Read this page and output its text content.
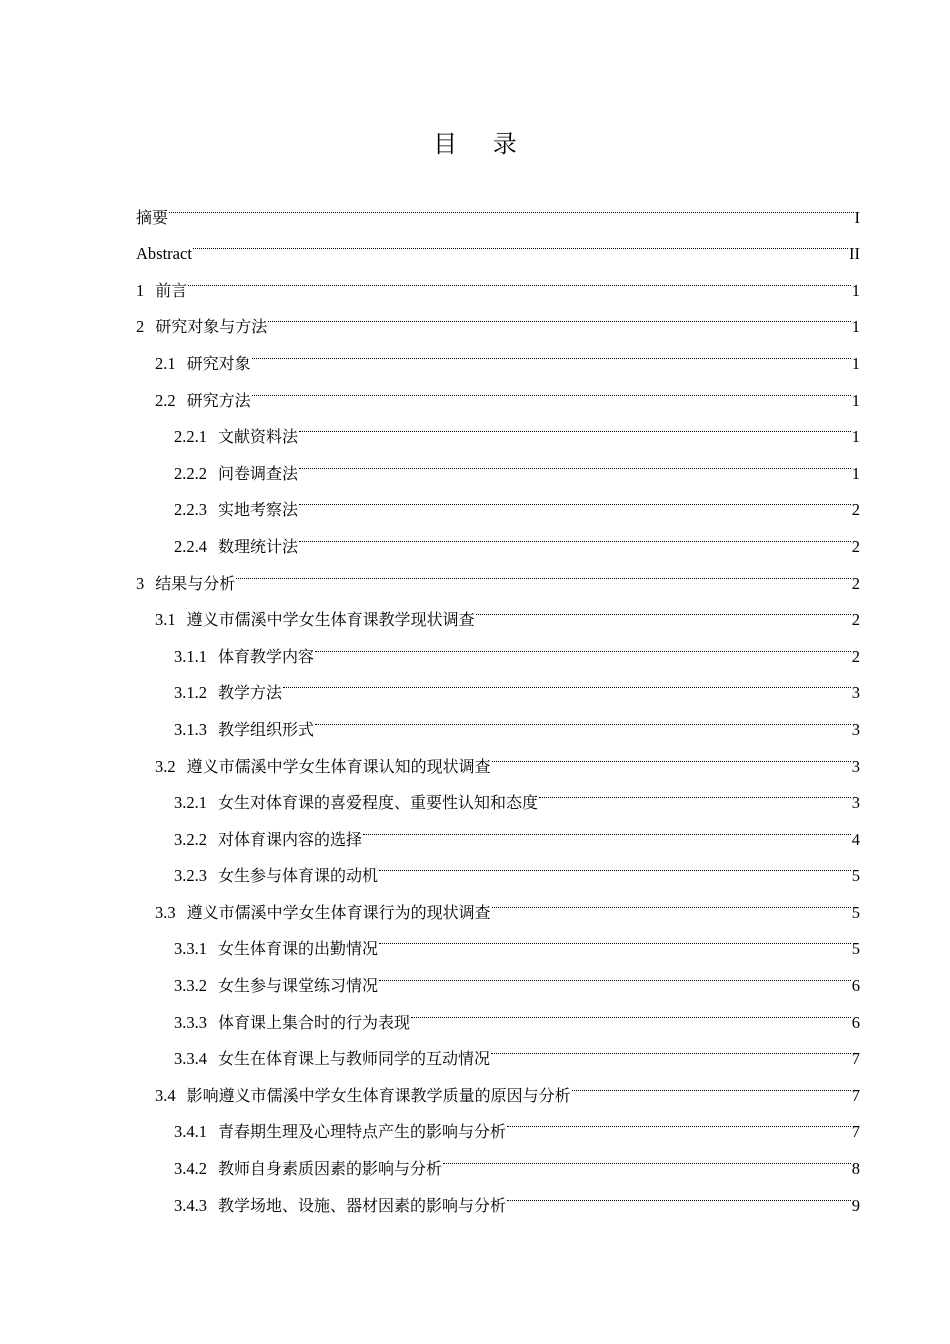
目 录
摘要	I
Abstract	II
1 前言	1
2 研究对象与方法	1
2.1 研究对象	1
2.2 研究方法	1
2.2.1 文献资料法	1
2.2.2 问卷调查法	1
2.2.3 实地考察法	2
2.2.4 数理统计法	2
3 结果与分析	2
3.1 遵义市儒溪中学女生体育课教学现状调查	2
3.1.1 体育教学内容	2
3.1.2 教学方法	3
3.1.3 教学组织形式	3
3.2 遵义市儒溪中学女生体育课认知的现状调查	3
3.2.1 女生对体育课的喜爱程度、重要性认知和态度	3
3.2.2 对体育课内容的选择	4
3.2.3 女生参与体育课的动机	5
3.3 遵义市儒溪中学女生体育课行为的现状调查	5
3.3.1 女生体育课的出勤情况	5
3.3.2 女生参与课堂练习情况	6
3.3.3 体育课上集合时的行为表现	6
3.3.4 女生在体育课上与教师同学的互动情况	7
3.4 影响遵义市儒溪中学女生体育课教学质量的原因与分析	7
3.4.1 青春期生理及心理特点产生的影响与分析	7
3.4.2 教师自身素质因素的影响与分析	8
3.4.3 教学场地、设施、器材因素的影响与分析	9
